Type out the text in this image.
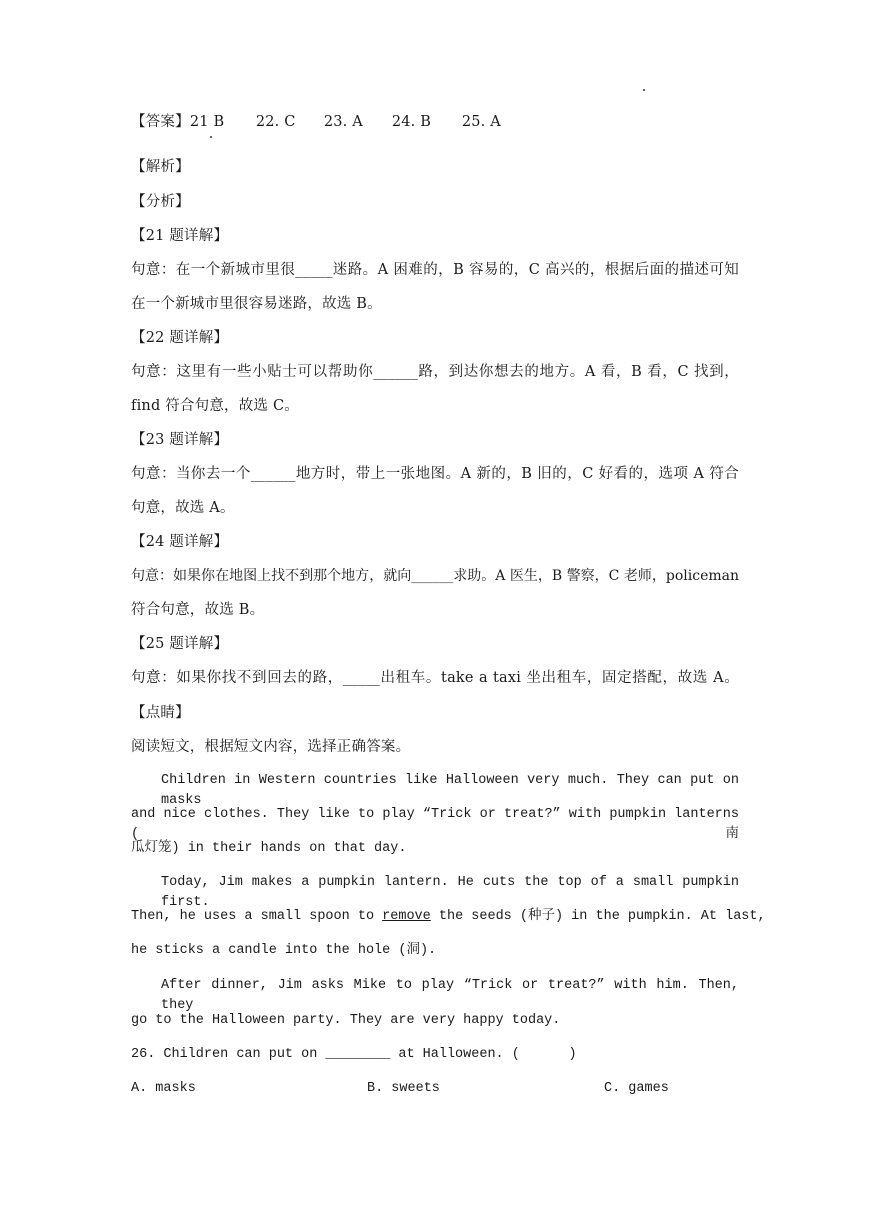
【答案】21 B 22. C 23. A 24. B 25. A
【解析】
【分析】
【21 题详解】
句意：在一个新城市里很_____迷路。A 困难的，B 容易的，C 高兴的，根据后面的描述可知
在一个新城市里很容易迷路，故选 B。
【22 题详解】
句意：这里有一些小贴士可以帮助你______路，到达你想去的地方。A 看，B 看，C 找到，
find 符合句意，故选 C。
【23 题详解】
句意：当你去一个______地方时，带上一张地图。A 新的，B 旧的，C 好看的，选项 A 符合
句意，故选 A。
【24 题详解】
句意：如果你在地图上找不到那个地方，就向______求助。A 医生，B 警察，C 老师，policeman
符合句意，故选 B。
【25 题详解】
句意：如果你找不到回去的路，_____出租车。take a taxi 坐出租车，固定搭配，故选 A。
【点睛】
阅读短文，根据短文内容，选择正确答案。
Children in Western countries like Halloween very much. They can put on masks
and nice clothes. They like to play “Trick or treat?” with pumpkin lanterns (南
瓜灯笼) in their hands on that day.
Today, Jim makes a pumpkin lantern. He cuts the top of a small pumpkin first.
Then, he uses a small spoon to remove the seeds (种子) in the pumpkin. At last,
he sticks a candle into the hole (洞).
After dinner, Jim asks Mike to play “Trick or treat?” with him. Then, they
go to the Halloween party. They are very happy today.
26. Children can put on ________ at Halloween. (      )
A. masks	B. sweets	C. games
